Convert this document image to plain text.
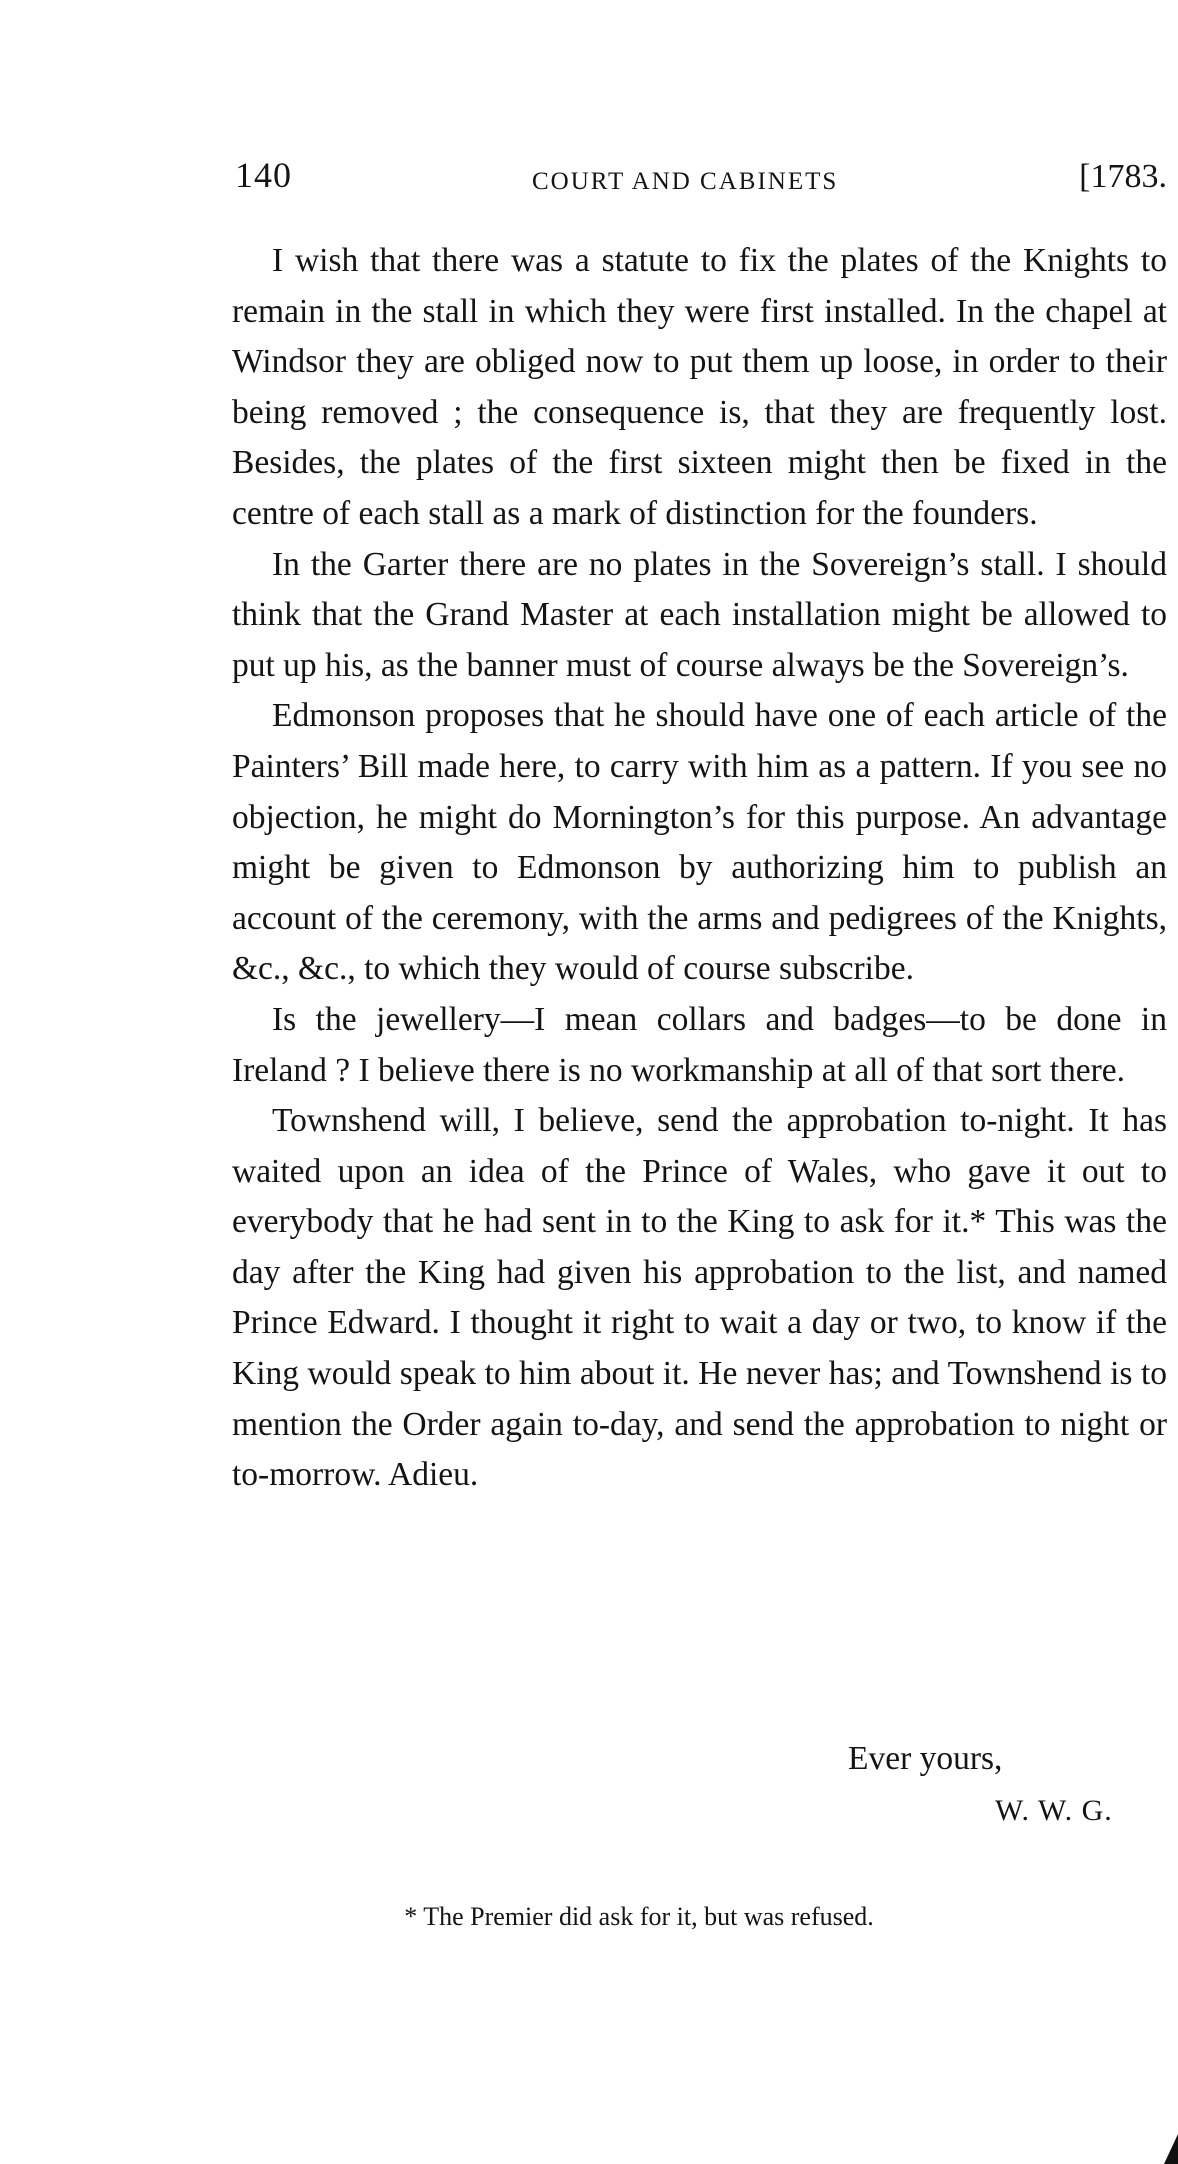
140	COURT AND CABINETS	[1783.

I wish that there was a statute to fix the plates of the Knights to remain in the stall in which they were first installed. In the chapel at Windsor they are obliged now to put them up loose, in order to their being removed ; the consequence is, that they are frequently lost. Besides, the plates of the first sixteen might then be fixed in the centre of each stall as a mark of distinction for the founders.

In the Garter there are no plates in the Sovereign’s stall. I should think that the Grand Master at each installation might be allowed to put up his, as the banner must of course always be the Sovereign’s.

Edmonson proposes that he should have one of each article of the Painters’ Bill made here, to carry with him as a pattern. If you see no objection, he might do Mornington’s for this purpose. An advantage might be given to Edmonson by authorizing him to publish an account of the ceremony, with the arms and pedigrees of the Knights, &c., &c., to which they would of course subscribe.

Is the jewellery—I mean collars and badges—to be done in Ireland ? I believe there is no workmanship at all of that sort there.

Townshend will, I believe, send the approbation to-night. It has waited upon an idea of the Prince of Wales, who gave it out to everybody that he had sent in to the King to ask for it.* This was the day after the King had given his approbation to the list, and named Prince Edward. I thought it right to wait a day or two, to know if the King would speak to him about it. He never has; and Townshend is to mention the Order again to-day, and send the approbation to night or to-morrow. Adieu.

Ever yours,
W. W. G.
* The Premier did ask for it, but was refused.
